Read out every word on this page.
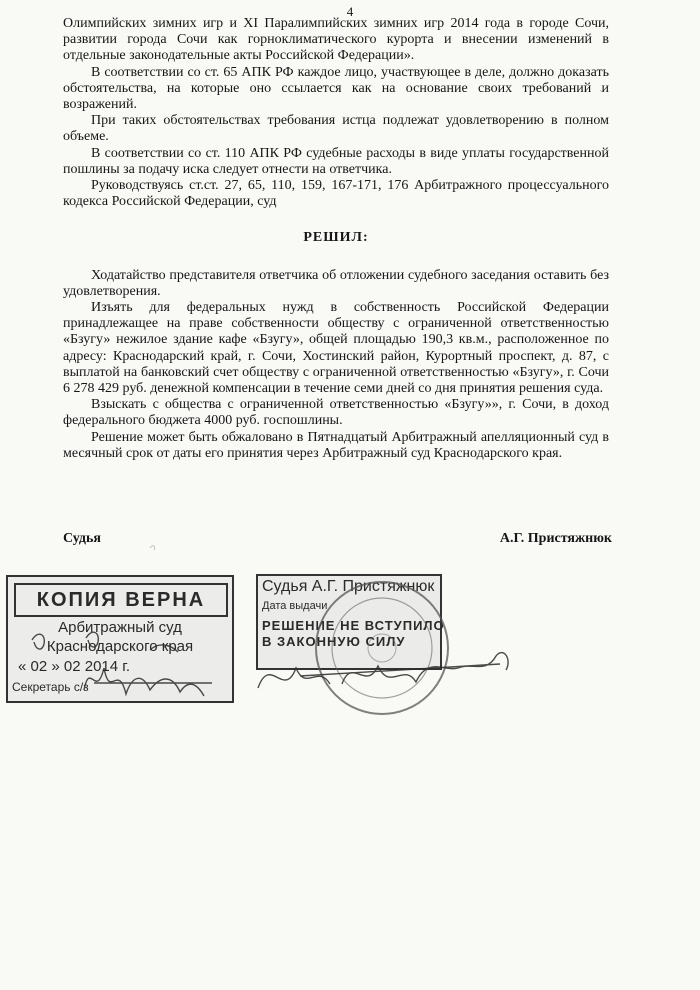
4

Олимпийских зимних игр и XI Паралимпийских зимних игр 2014 года в городе Сочи, развитии города Сочи как горноклиматического курорта и внесении изменений в отдельные законодательные акты Российской Федерации».

В соответствии со ст. 65 АПК РФ каждое лицо, участвующее в деле, должно доказать обстоятельства, на которые оно ссылается как на основание своих требований и возражений.

При таких обстоятельствах требования истца подлежат удовлетворению в полном объеме.

В соответствии со ст. 110 АПК РФ судебные расходы в виде уплаты государственной пошлины за подачу иска следует отнести на ответчика.

Руководствуясь ст.ст. 27, 65, 110, 159, 167-171, 176 Арбитражного процессуального кодекса Российской Федерации, суд

РЕШИЛ:

Ходатайство представителя ответчика об отложении судебного заседания оставить без удовлетворения.

Изъять для федеральных нужд в собственность Российской Федерации принадлежащее на праве собственности обществу с ограниченной ответственностью «Бзугу» нежилое здание кафе «Бзугу», общей площадью 190,3 кв.м., расположенное по адресу: Краснодарский край, г. Сочи, Хостинский район, Курортный проспект, д. 87, с выплатой на банковский счет обществу с ограниченной ответственностью «Бзугу», г. Сочи 6 278 429 руб. денежной компенсации в течение семи дней со дня принятия решения суда.

Взыскать с общества с ограниченной ответственностью «Бзугу»», г. Сочи, в доход федерального бюджета 4000 руб. госпошлины.

Решение может быть обжаловано в Пятнадцатый Арбитражный апелляционный суд в месячный срок от даты его принятия через Арбитражный суд Краснодарского края.

Судья	А.Г. Пристяжнюк
КОПИЯ ВЕРНА
Арбитражный суд
Краснодарского края
« 02 » 02 2014 г.
Секретарь с/з
Судья А.Г. Пристяжнюк
Дата выдачи
РЕШЕНИЕ НЕ ВСТУПИЛО
В ЗАКОННУЮ СИЛУ
